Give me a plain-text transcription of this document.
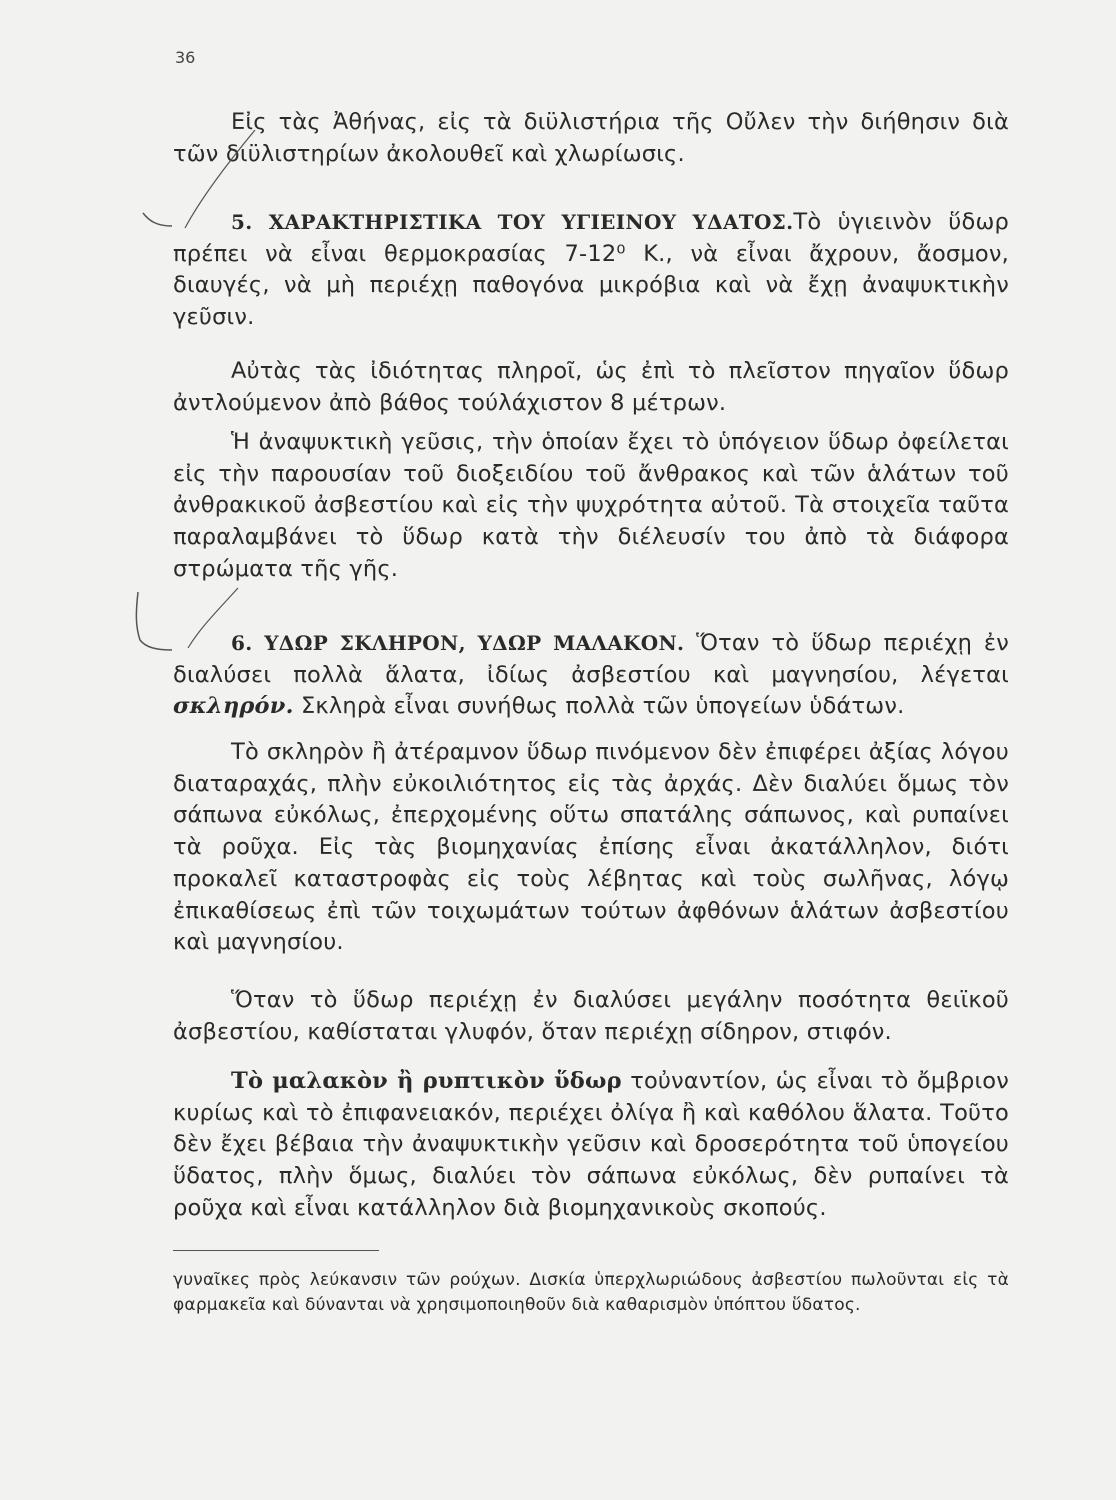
36

Εἰς τὰς Ἀθήνας, εἰς τὰ διϋλιστήρια τῆς Οὔλεν τὴν διήθησιν διὰ τῶν διϋλιστηρίων ἀκολουθεῖ καὶ χλωρίωσις.

5. ΧΑΡΑΚΤΗΡΙΣΤΙΚΑ ΤΟΥ ΥΓΙΕΙΝΟΥ ΥΔΑΤΟΣ.Τὸ ὑγιεινὸν ὕδωρ πρέπει νὰ εἶναι θερμοκρασίας 7-12⁰ Κ., νὰ εἶναι ἄχρουν, ἄοσμον, διαυγές, νὰ μὴ περιέχῃ παθογόνα μικρόβια καὶ νὰ ἔχῃ ἀναψυκτικὴν γεῦσιν.

Αὐτὰς τὰς ἰδιότητας πληροῖ, ὡς ἐπὶ τὸ πλεῖστον πηγαῖον ὕδωρ ἀντλούμενον ἀπὸ βάθος τούλάχιστον 8 μέτρων.

Ἡ ἀναψυκτικὴ γεῦσις, τὴν ὁποίαν ἔχει τὸ ὑπόγειον ὕδωρ ὀφείλεται εἰς τὴν παρουσίαν τοῦ διοξειδίου τοῦ ἄνθρακος καὶ τῶν ἁλάτων τοῦ ἀνθρακικοῦ ἀσβεστίου καὶ εἰς τὴν ψυχρότητα αὐτοῦ. Τὰ στοιχεῖα ταῦτα παραλαμβάνει τὸ ὕδωρ κατὰ τὴν διέλευσίν του ἀπὸ τὰ διάφορα στρώματα τῆς γῆς.

6. ΥΔΩΡ ΣΚΛΗΡΟΝ, ΥΔΩΡ ΜΑΛΑΚΟΝ. Ὅταν τὸ ὕδωρ περιέχῃ ἐν διαλύσει πολλὰ ἅλατα, ἰδίως ἀσβεστίου καὶ μαγνησίου, λέγεται σκληρόν. Σκληρὰ εἶναι συνήθως πολλὰ τῶν ὑπογείων ὑδάτων.

Τὸ σκληρὸν ἢ ἀτέραμνον ὕδωρ πινόμενον δὲν ἐπιφέρει ἀξίας λόγου διαταραχάς, πλὴν εὐκοιλιότητος εἰς τὰς ἀρχάς. Δὲν διαλύει ὅμως τὸν σάπωνα εὐκόλως, ἐπερχομένης οὕτω σπατάλης σάπωνος, καὶ ρυπαίνει τὰ ροῦχα. Εἰς τὰς βιομηχανίας ἐπίσης εἶναι ἀκατάλληλον, διότι προκαλεῖ καταστροφὰς εἰς τοὺς λέβητας καὶ τοὺς σωλῆνας, λόγῳ ἐπικαθίσεως ἐπὶ τῶν τοιχωμάτων τούτων ἀφθόνων ἁλάτων ἀσβεστίου καὶ μαγνησίου.

Ὅταν τὸ ὕδωρ περιέχῃ ἐν διαλύσει μεγάλην ποσότητα θειϊκοῦ ἀσβεστίου, καθίσταται γλυφόν, ὅταν περιέχῃ σίδηρον, στιφόν.

Τὸ μαλακὸν ἢ ρυπτικὸν ὕδωρ τοὐναντίον, ὡς εἶναι τὸ ὄμβριον κυρίως καὶ τὸ ἐπιφανειακόν, περιέχει ὀλίγα ἢ καὶ καθόλου ἅλατα. Τοῦτο δὲν ἔχει βέβαια τὴν ἀναψυκτικὴν γεῦσιν καὶ δροσερότητα τοῦ ὑπογείου ὕδατος, πλὴν ὅμως, διαλύει τὸν σάπωνα εὐκόλως, δὲν ρυπαίνει τὰ ροῦχα καὶ εἶναι κατάλληλον διὰ βιομηχανικοὺς σκοπούς.

γυναῖκες πρὸς λεύκανσιν τῶν ρούχων. Δισκία ὑπερχλωριώδους ἀσβεστίου πωλοῦνται εἰς τὰ φαρμακεῖα καὶ δύνανται νὰ χρησιμοποιηθοῦν διὰ καθαρισμὸν ὑπόπτου ὕδατος.
